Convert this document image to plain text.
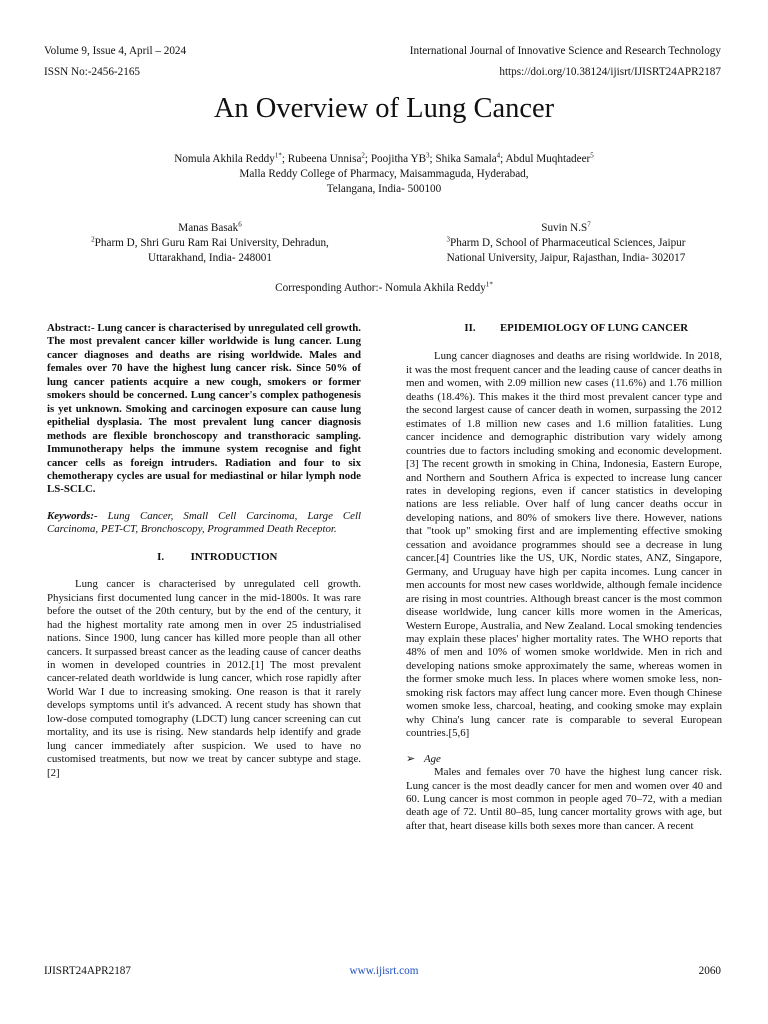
Volume 9, Issue 4, April – 2024	International Journal of Innovative Science and Research Technology
ISSN No:-2456-2165	https://doi.org/10.38124/ijisrt/IJISRT24APR2187
An Overview of Lung Cancer
Nomula Akhila Reddy$^{1*}$; Rubeena Unnisa$^2$; Poojitha $YB^3$; Shika Samala$^4$; Abdul Muqhtadeer$^5$
Malla Reddy College of Pharmacy, Maisammaguda, Hyderabad,
Telangana, India- 500100
Manas Basak$^6$
$^2$Pharm D, Shri Guru Ram Rai University, Dehradun,
Uttarakhand, India- 248001
Suvin $N.S^7$
$^3$Pharm D, School of Pharmaceutical Sciences, Jaipur
National University, Jaipur, Rajasthan, India- 302017
Corresponding Author:- Nomula Akhila Reddy$^{1*}$

Abstract:- Lung cancer is characterised by unregulated cell growth. The most prevalent cancer killer worldwide is lung cancer. Lung cancer diagnoses and deaths are rising worldwide. Males and females over 70 have the highest lung cancer risk. Since 50% of lung cancer patients acquire a new cough, smokers or former smokers should be concerned. Lung cancer's complex pathogenesis is yet unknown. Smoking and carcinogen exposure can cause lung epithelial dysplasia. The most prevalent lung cancer diagnosis methods are flexible bronchoscopy and transthoracic sampling. Immunotherapy helps the immune system recognise and fight cancer cells as foreign intruders. Radiation and four to six chemotherapy cycles are usual for mediastinal or hilar lymph node LS-SCLC.

Keywords:- Lung Cancer, Small Cell Carcinoma, Large Cell Carcinoma, PET-CT, Bronchoscopy, Programmed Death Receptor.

I. INTRODUCTION

Lung cancer is characterised by unregulated cell growth. Physicians first documented lung cancer in the mid-1800s. It was rare before the outset of the 20th century, but by the end of the century, it had the highest mortality rate among men in over 25 industrialised nations. Since 1900, lung cancer has killed more people than all other cancers. It surpassed breast cancer as the leading cause of cancer deaths in women in developed countries in 2012.[1] The most prevalent cancer-related death worldwide is lung cancer, which rose rapidly after World War I due to increasing smoking. One reason is that it rarely develops symptoms until it's advanced. A recent study has shown that low-dose computed tomography (LDCT) lung cancer screening can cut mortality, and its use is rising. New standards help identify and grade lung cancer immediately after suspicion. We used to have no customised treatments, but now we treat by cancer subtype and stage. [2]

II. EPIDEMIOLOGY OF LUNG CANCER

Lung cancer diagnoses and deaths are rising worldwide. In 2018, it was the most frequent cancer and the leading cause of cancer deaths in men and women, with 2.09 million new cases (11.6%) and 1.76 million deaths (18.4%). This makes it the third most prevalent cancer type and the second largest cause of cancer death in women, surpassing the 2012 estimates of 1.8 million new cases and 1.6 million fatalities. Lung cancer incidence and demographic distribution vary widely among countries due to factors including smoking and economic development.[3] The recent growth in smoking in China, Indonesia, Eastern Europe, and Northern and Southern Africa is expected to increase lung cancer rates in developing regions, even if cancer statistics in developing nations are less reliable. Over half of lung cancer deaths occur in developing nations, and 80% of smokers live there. However, nations that "took up" smoking first and are implementing effective smoking cessation and avoidance programmes should see a decrease in lung cancer.[4] Countries like the US, UK, Nordic states, ANZ, Singapore, Germany, and Uruguay have high per capita incomes. Lung cancer in men accounts for most new cases worldwide, although female incidence are rising in most countries. Although breast cancer is the most common disease worldwide, lung cancer kills more women in the Americas, Western Europe, Australia, and New Zealand. Local smoking tendencies may explain these places' higher mortality rates. The WHO reports that 48% of men and 10% of women smoke worldwide. Men in rich and developing nations smoke approximately the same, whereas women in the former smoke much less. In places where women smoke less, non-smoking risk factors may affect lung cancer more. Even though Chinese women smoke less, charcoal, heating, and cooking smoke may explain why China's lung cancer rate is comparable to several European countries.[5,6]

➢ Age

Males and females over 70 have the highest lung cancer risk. Lung cancer is the most deadly cancer for men and women over 40 and 60. Lung cancer is most common in people aged 70–72, with a median death age of 72. Until 80–85, lung cancer mortality grows with age, but after that, heart disease kills both sexes more than cancer. A recent

IJISRT24APR2187	www.ijisrt.com	2060
